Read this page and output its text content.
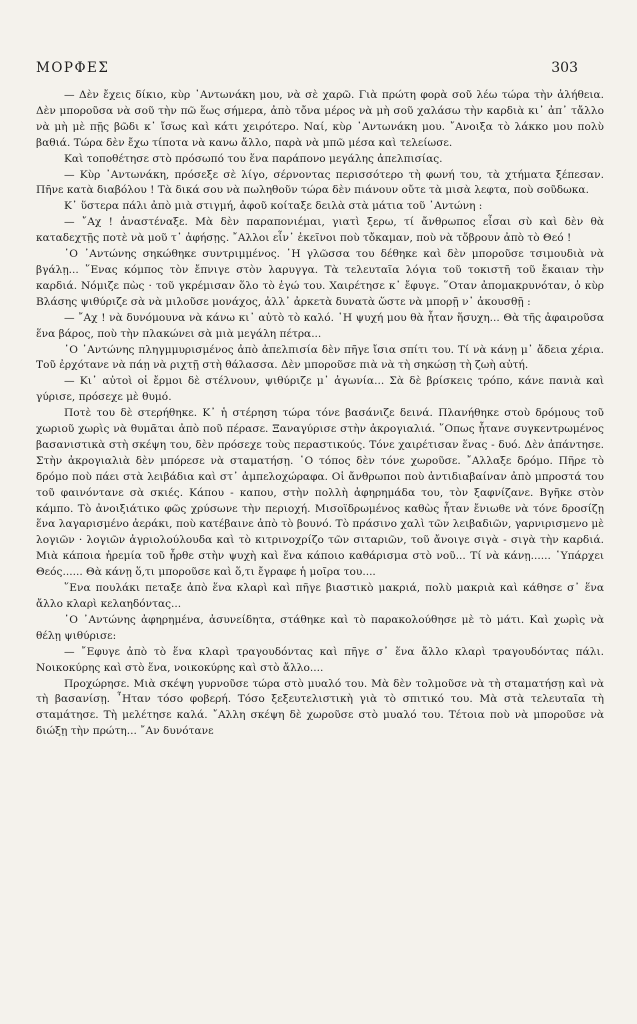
ΜΟΡΦΕΣ	303

— Δὲν ἔχεις δίκιο, κὺρ ᾿Αντωνάκη μου, νὰ σὲ χαρῶ. Γιὰ πρώτη φορὰ σοῦ λέω τώρα τὴν ἀλήθεια. Δὲν μποροῦσα νὰ σοῦ τὴν πῶ ἕως σήμερα, ἀπὸ τὄνα μέρος νὰ μὴ σοῦ χαλάσω τὴν καρδιὰ κι᾿ ἀπ᾿ τἄλλο νὰ μὴ μὲ πῇς βῶδι κ᾿ ἴσως καὶ κάτι χειρότερο. Ναί, κὺρ ᾿Αντωνάκη μου. ῎Ανοιξα τὸ λάκκο μου πολὺ βαθιά. Τώρα δὲν ἔχω τίποτα νὰ κανω ἄλλο, παρὰ νὰ μπῶ μέσα καὶ τελείωσε.

Καὶ τοποθέτησε στὸ πρόσωπό του ἕνα παράπονο μεγάλης ἀπελπισίας.

— Κὺρ ᾿Αντωνάκη, πρόσεξε σὲ λίγο, σέρνοντας περισσότερο τὴ φωνή του, τὰ χτήματα ξέπεσαν. Πῆνε κατὰ διαβόλου ! Τὰ δικά σου νὰ πωληθοῦν τώρα δὲν πιάνουν οὔτε τὰ μισὰ λεφτα, ποὺ σοῦδωκα.

Κ᾿ ὕστερα πάλι ἀπὸ μιὰ στιγμή, ἀφοῦ κοίταξε δειλὰ στὰ μάτια τοῦ ᾿Αντώνη :

— ῎Αχ ! ἀναστέναξε. Μὰ δὲν παραπονιέμαι, γιατὶ ξερω, τί ἄνθρωπος εἶσαι σὺ καὶ δὲν θὰ καταδεχτῇς ποτὲ νὰ μοῦ τ᾿ ἀφήσῃς. ῎Αλλοι εἶν᾿ ἐκεῖνοι ποὺ τὄκαμαν, ποὺ νὰ τὄβρουν ἀπὸ τὸ Θεό !

῾Ο ᾿Αντώνης σηκώθηκε συντριμμένος. ῾Η γλῶσσα του δέθηκε καὶ δὲν μποροῦσε τσιμουδιὰ νὰ βγάλῃ... ῞Ενας κόμπος τὸν ἔπνιγε στὸν λαρυγγα. Τὰ τελευταῖα λόγια τοῦ τοκιστῆ τοῦ ἔκαιαν τὴν καρδιά. Νόμιζε πὼς · τοῦ γκρέμισαν ὅλο τὸ ἐγώ του. Χαιρέτησε κ᾿ ἔφυγε. ῞Οταν ἀπομακρυνόταν, ὁ κὺρ Βλάσης ψιθύριζε σὰ νὰ μιλοῦσε μονάχος, ἀλλ᾿ ἀρκετὰ δυνατὰ ὥστε νὰ μπορῇ ν᾿ ἀκουσθῇ :

— ῎Αχ ! νὰ δυνόμουνα νὰ κάνω κι᾿ αὐτὸ τὸ καλό. ῾Η ψυχή μου θὰ ἦταν ἥσυχη... Θὰ τῆς ἀφαιροῦσα ἕνα βάρος, ποὺ τὴν πλακώνει σὰ μιὰ μεγάλη πέτρα...

῾Ο ᾿Αντώνης πληγμμυρισμένος ἀπὸ ἀπελπισία δὲν πῆγε ἴσια σπίτι του. Τί νὰ κάνῃ μ᾿ ἄδεια χέρια. Τοῦ ἐρχότανε νὰ πάῃ νὰ ριχτῇ στὴ θάλασσα. Δὲν μποροῦσε πιὰ νὰ τὴ σηκώσῃ τὴ ζωὴ αὐτή.

— Κι᾿ αὐτοὶ οἱ ἔρμοι δὲ στέλνουν, ψιθύριζε μ᾿ ἀγωνία... Σὰ δὲ βρίσκεις τρόπο, κάνε πανιὰ καὶ γύρισε, πρόσεχε μὲ θυμό.

Ποτὲ του δὲ στερήθηκε. Κ᾿ ἡ στέρηση τώρα τόνε βασάνιζε δεινά. Πλανήθηκε στοὺ δρόμους τοῦ χωριοῦ χωρὶς νὰ θυμᾶται ἀπὸ ποῦ πέρασε. Ξαναγύρισε στὴν ἀκρογιαλιά. ῞Οπως ἦτανε συγκεντρωμένος βασανιστικὰ στὴ σκέψη του, δὲν πρόσεχε τοὺς περαστικούς. Τόνε χαιρέτισαν ἕνας - δυό. Δὲν ἀπάντησε. Στὴν ἀκρογιαλιὰ δὲν μπόρεσε νὰ σταματήσῃ. ῾Ο τόπος δὲν τόνε χωροῦσε. ῎Αλλαξε δρόμο. Πῆρε τὸ δρόμο ποὺ πάει στὰ λειβάδια καὶ στ᾿ ἀμπελοχώραφα. Οἱ ἄνθρωποι ποὺ ἀντιδιαβαίναν ἀπὸ μπροστά του τοῦ φαινόντανε σὰ σκιές. Κάπου - καπου, στὴν πολλὴ ἀφηρημάδα του, τὸν ξαφνίζανε. Βγῆκε στὸν κάμπο. Τὸ ἀνοιξιάτικο φῶς χρύσωνε τὴν περιοχή. Μισοϊδρωμένος καθὼς ἦταν ἔνιωθε νὰ τόνε δροσίζῃ ἕνα λαγαρισμένο ἀεράκι, ποὺ κατέβαινε ἀπὸ τὸ βουνό. Τὸ πράσινο χαλὶ τῶν λειβαδιῶν, γαρνιρισμενο μὲ λογιῶν · λογιῶν ἀγριολούλουδα καὶ τὸ κιτρινοχρίζο τῶν σιταριῶν, τοῦ ἄνοιγε σιγὰ - σιγὰ τὴν καρδιά. Μιὰ κάποια ἠρεμία τοῦ ἦρθε στὴν ψυχὴ καὶ ἕνα κάποιο καθάρισμα στὸ νοῦ... Τί νὰ κάνῃ...... ῾Υπάρχει Θεός...... Θὰ κάνῃ ὅ,τι μποροῦσε καὶ ὅ,τι ἔγραφε ἡ μοῖρα του....

῞Ενα πουλάκι πεταξε ἀπὸ ἕνα κλαρὶ καὶ πῆγε βιαστικὸ μακριά, πολὺ μακριὰ καὶ κάθησε σ᾿ ἕνα ἄλλο κλαρὶ κελαηδόντας...

῾Ο ᾿Αντώνης ἀφηρημένα, ἀσυνείδητα, στάθηκε καὶ τὸ παρακολούθησε μὲ τὸ μάτι. Καὶ χωρὶς νὰ θέλῃ ψιθύρισε:

— ῎Εφυγε ἀπὸ τὸ ἕνα κλαρὶ τραγουδόντας καὶ πῆγε σ᾿ ἕνα ἄλλο κλαρὶ τραγουδόντας πάλι. Νοικοκύρης καὶ στὸ ἕνα, νοικοκύρης καὶ στὸ ἄλλο....

Προχώρησε. Μιὰ σκέψη γυρνοῦσε τώρα στὸ μυαλό του. Μὰ δὲν τολμοῦσε νὰ τὴ σταματήσῃ καὶ νὰ τὴ βασανίσῃ. ῏Ηταν τόσο φοβερή. Τόσο ξεξευτελιστικὴ γιὰ τὸ σπιτικό του. Μὰ στὰ τελευταῖα τὴ σταμάτησε. Τὴ μελέτησε καλά. ῎Αλλη σκέψη δὲ χωροῦσε στὸ μυαλό του. Τέτοια ποὺ νὰ μποροῦσε νὰ διώξῃ τὴν πρώτη... ῎Αν δυνότανε
